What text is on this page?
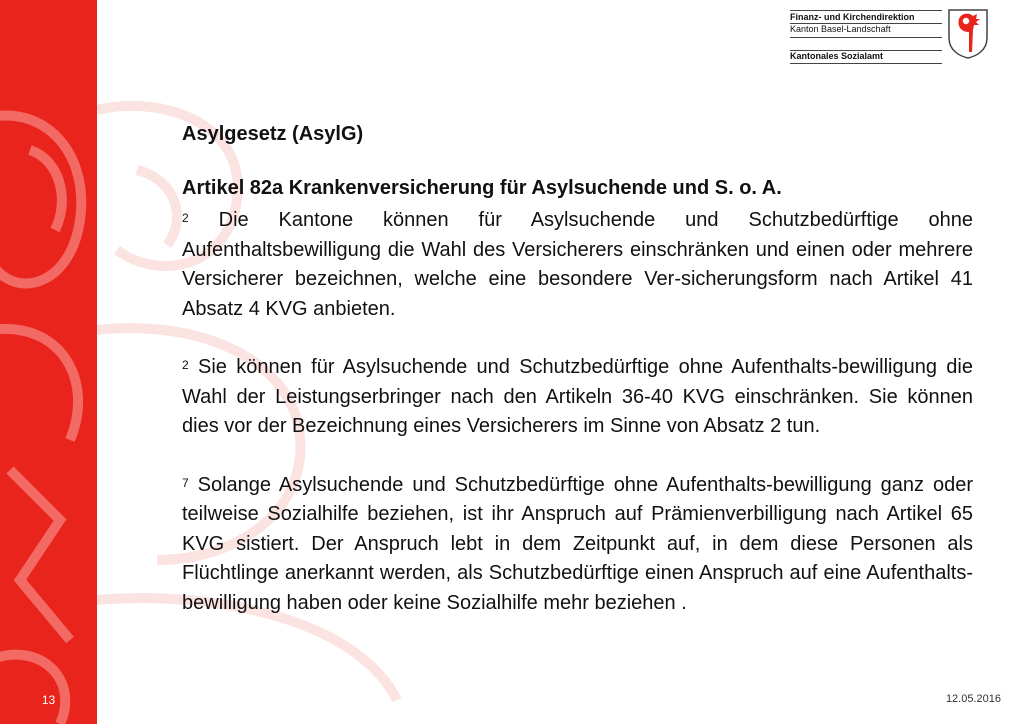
13
Finanz- und Kirchendirektion
Kanton Basel-Landschaft
Kantonales Sozialamt
Asylgesetz (AsylG)
Artikel 82a Krankenversicherung für Asylsuchende und S. o. A.

$^2$ Die Kantone können für Asylsuchende und Schutzbedürftige ohne Aufenthaltsbewilligung die Wahl des Versicherers einschränken und einen oder mehrere Versicherer bezeichnen, welche eine besondere Ver-sicherungsform nach Artikel 41 Absatz 4 KVG anbieten.

$^2$ Sie können für Asylsuchende und Schutzbedürftige ohne Aufenthalts-bewilligung die Wahl der Leistungserbringer nach den Artikeln 36-40 KVG einschränken. Sie können dies vor der Bezeichnung eines Versicherers im Sinne von Absatz 2 tun.

$^7$ Solange Asylsuchende und Schutzbedürftige ohne Aufenthalts-bewilligung ganz oder teilweise Sozialhilfe beziehen, ist ihr Anspruch auf Prämienverbilligung nach Artikel 65 KVG sistiert. Der Anspruch lebt in dem Zeitpunkt auf, in dem diese Personen als Flüchtlinge anerkannt werden, als Schutzbedürftige einen Anspruch auf eine Aufenthalts-bewilligung haben oder keine Sozialhilfe mehr beziehen .

12.05.2016
